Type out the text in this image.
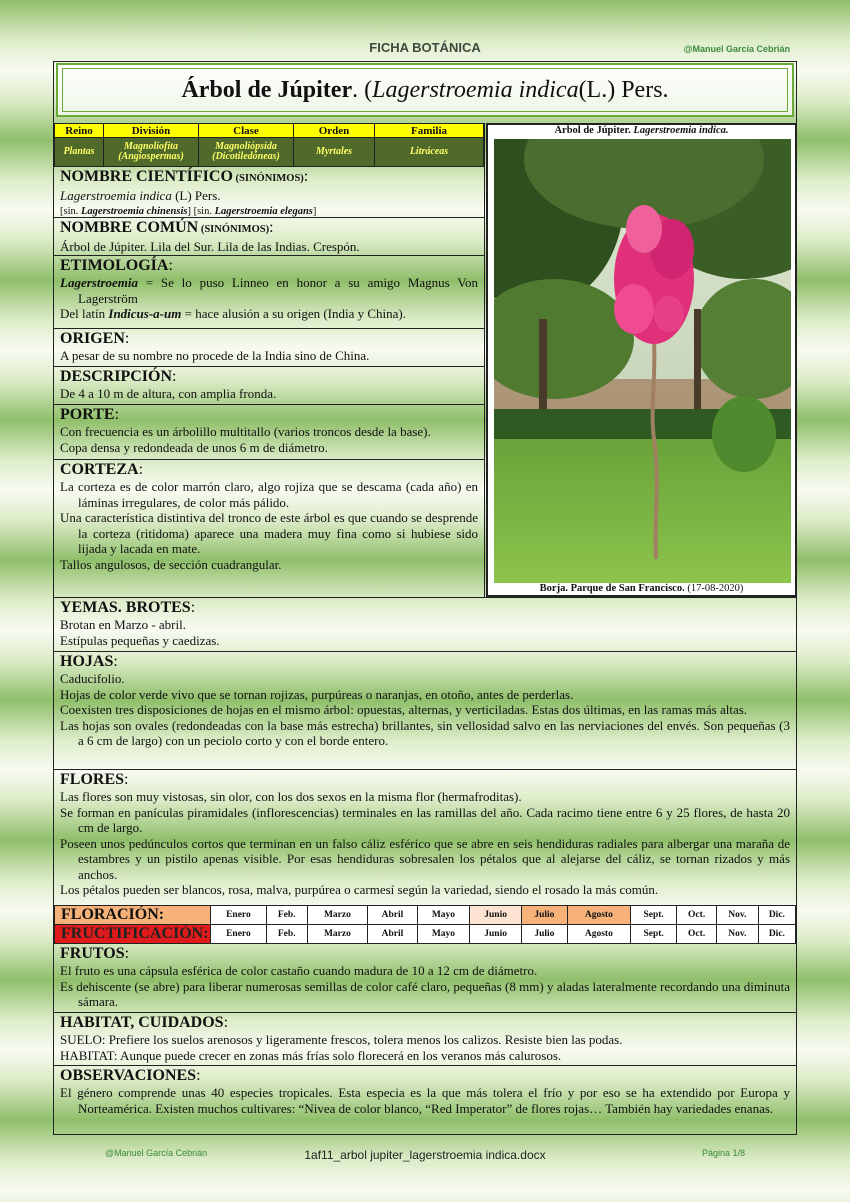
FICHA BOTÁNICA	@Manuel García Cebrián
Árbol de Júpiter . ( Lagerstroemia indica (L.) Pers.
Reino	División	Clase	Orden	Familia
Plantas	Magnoliofita (Angiospermas)	Magnoliópsida (Dicotiledóneas)	Myrtales	Litráceas
Árbol de Júpiter. Lagerstroemia indica.
Borja. Parque de San Francisco. (17-08-2020)
NOMBRE CIENTÍFICO (SINÓNIMOS):
Lagerstroemia indica (L) Pers.
[sin. Lagerstroemia chinensis] [sin. Lagerstroemia elegans]
NOMBRE COMÚN (SINÓNIMOS):
Árbol de Júpiter. Lila del Sur. Lila de las Indias. Crespón.
ETIMOLOGÍA:

Lagerstroemia = Se lo puso Linneo en honor a su amigo Magnus Von Lagerström

Del latín Indicus-a-um = hace alusión a su origen (India y China).

ORIGEN:
A pesar de su nombre no procede de la India sino de China.
DESCRIPCIÓN:
De 4 a 10 m de altura, con amplia fronda.
PORTE:

Con frecuencia es un árbolillo multitallo (varios troncos desde la base).

Copa densa y redondeada de unos 6 m de diámetro.

CORTEZA:

La corteza es de color marrón claro, algo rojiza que se descama (cada año) en láminas irregulares, de color más pálido.

Una característica distintiva del tronco de este árbol es que cuando se desprende la corteza (ritidoma) aparece una madera muy fina como si hubiese sido lijada y lacada en mate.

Tallos angulosos, de sección cuadrangular.

YEMAS. BROTES:

Brotan en Marzo - abril.

Estípulas pequeñas y caedizas.

HOJAS:

Caducifolio.

Hojas de color verde vivo que se tornan rojizas, purpúreas o naranjas, en otoño, antes de perderlas.

Coexisten tres disposiciones de hojas en el mismo árbol: opuestas, alternas, y verticiladas. Estas dos últimas, en las ramas más altas.

Las hojas son ovales (redondeadas con la base más estrecha) brillantes, sin vellosidad salvo en las nerviaciones del envés. Son pequeñas (3 a 6 cm de largo) con un peciolo corto y con el borde entero.

FLORES:

Las flores son muy vistosas, sin olor, con los dos sexos en la misma flor (hermafroditas).

Se forman en panículas piramidales (inflorescencias) terminales en las ramillas del año. Cada racimo tiene entre 6 y 25 flores, de hasta 20 cm de largo.

Poseen unos pedúnculos cortos que terminan en un falso cáliz esférico que se abre en seis hendiduras radiales para albergar una maraña de estambres y un pistilo apenas visible. Por esas hendiduras sobresalen los pétalos que al alejarse del cáliz, se tornan rizados y más anchos.

Los pétalos pueden ser blancos, rosa, malva, purpúrea o carmesí según la variedad, siendo el rosado la más común.

FLORACIÓN:	Enero	Feb.	Marzo	Abril	Mayo	Junio	Julio	Agosto	Sept.	Oct.	Nov.	Dic.
FRUCTIFICACIÓN:	Enero	Feb.	Marzo	Abril	Mayo	Junio	Julio	Agosto	Sept.	Oct.	Nov.	Dic.
FRUTOS:

El fruto es una cápsula esférica de color castaño cuando madura de 10 a 12 cm de diámetro.

Es dehiscente (se abre) para liberar numerosas semillas de color café claro, pequeñas (8 mm) y aladas lateralmente recordando una diminuta sámara.

HABITAT, CUIDADOS:

SUELO: Prefiere los suelos arenosos y ligeramente frescos, tolera menos los calizos. Resiste bien las podas.

HABITAT: Aunque puede crecer en zonas más frías solo florecerá en los veranos más calurosos.

OBSERVACIONES:

El género comprende unas 40 especies tropicales. Esta especia es la que más tolera el frío y por eso se ha extendido por Europa y Norteamérica. Existen muchos cultivares: “Nivea de color blanco, “Red Imperator” de flores rojas… También hay variedades enanas.

@Manuel García Cebrián	1af11_arbol jupiter_lagerstroemia indica.docx	Página 1/8
